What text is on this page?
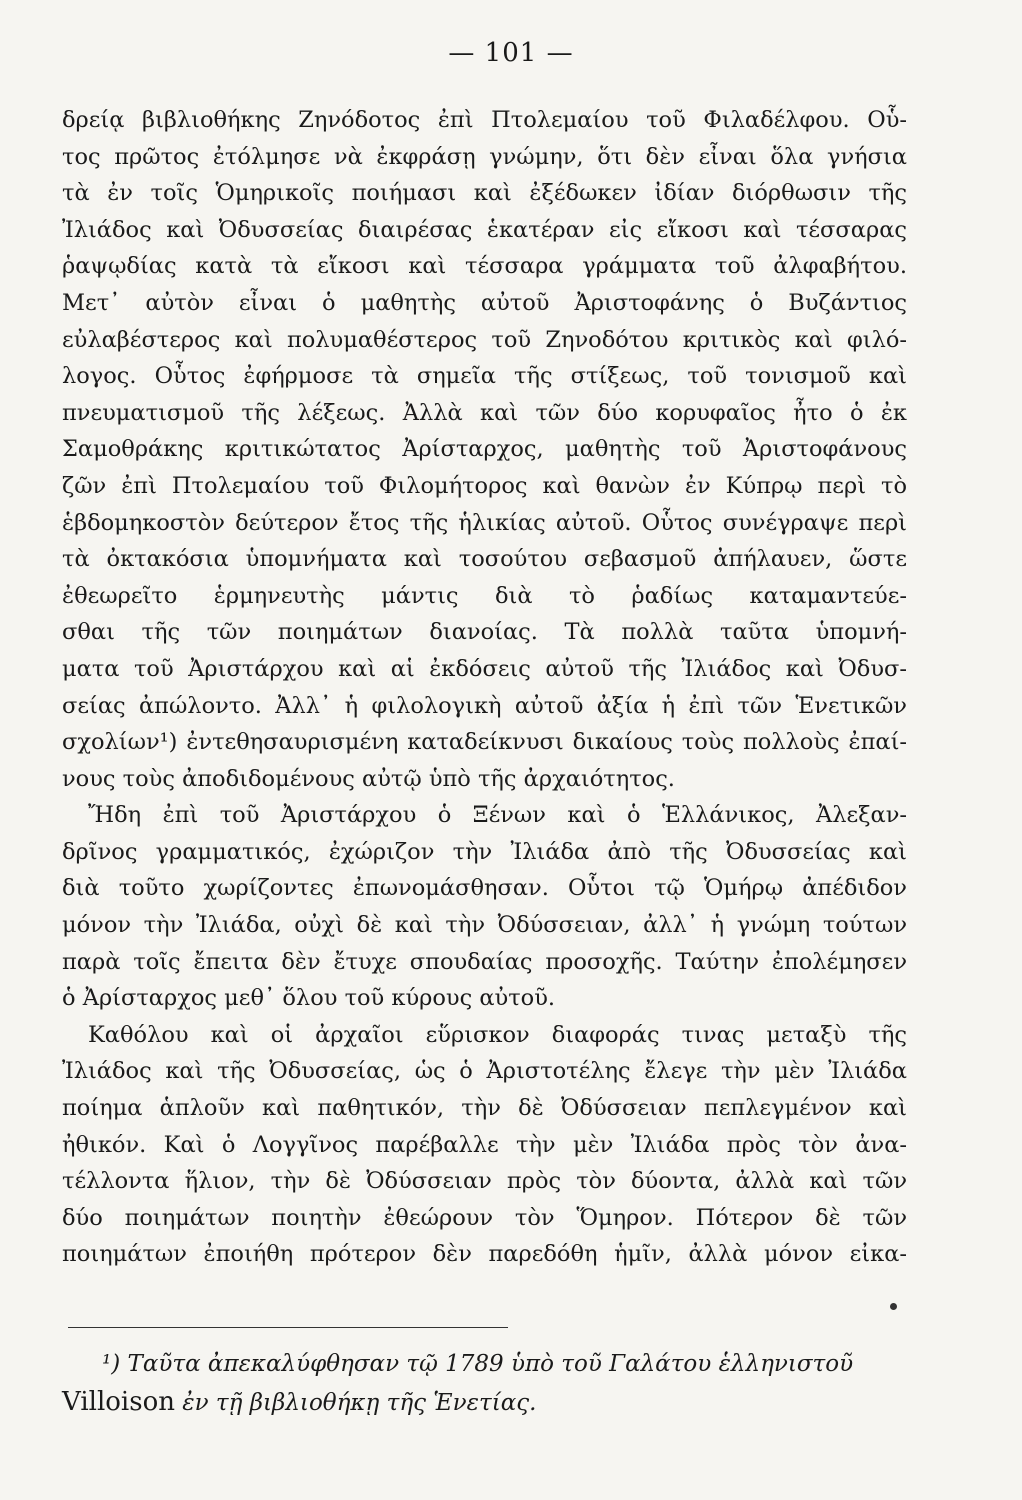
— 101 —

δρείᾳ βιβλιοθήκης Ζηνόδοτος ἐπὶ Πτολεμαίου τοῦ Φιλαδέλφου. Οὗ-
τος πρῶτος ἐτόλμησε νὰ ἐκφράσῃ γνώμην, ὅτι δὲν εἶναι ὅλα γνήσια
τὰ ἐν τοῖς Ὁμηρικοῖς ποιήμασι καὶ ἐξέδωκεν ἰδίαν διόρθωσιν τῆς
Ἰλιάδος καὶ Ὀδυσσείας διαιρέσας ἑκατέραν εἰς εἴκοσι καὶ τέσσαρας
ῥαψῳδίας κατὰ τὰ εἴκοσι καὶ τέσσαρα γράμματα τοῦ ἀλφαβήτου.
Μετ᾽ αὐτὸν εἶναι ὁ μαθητὴς αὐτοῦ Ἀριστοφάνης ὁ Βυζάντιος
εὐλαβέστερος καὶ πολυμαθέστερος τοῦ Ζηνοδότου κριτικὸς καὶ φιλό-
λογος. Οὗτος ἐφήρμοσε τὰ σημεῖα τῆς στίξεως, τοῦ τονισμοῦ καὶ
πνευματισμοῦ τῆς λέξεως. Ἀλλὰ καὶ τῶν δύο κορυφαῖος ἦτο ὁ ἐκ
Σαμοθράκης κριτικώτατος Ἀρίσταρχος, μαθητὴς τοῦ Ἀριστοφάνους
ζῶν ἐπὶ Πτολεμαίου τοῦ Φιλομήτορος καὶ θανὼν ἐν Κύπρῳ περὶ τὸ
ἑβδομηκοστὸν δεύτερον ἔτος τῆς ἡλικίας αὐτοῦ. Οὗτος συνέγραψε περὶ
τὰ ὀκτακόσια ὑπομνήματα καὶ τοσούτου σεβασμοῦ ἀπήλαυεν, ὥστε
ἐθεωρεῖτο ἑρμηνευτὴς μάντις διὰ τὸ ῥαδίως καταμαντεύε-
σθαι τῆς τῶν ποιημάτων διανοίας. Τὰ πολλὰ ταῦτα ὑπομνή-
ματα τοῦ Ἀριστάρχου καὶ αἱ ἐκδόσεις αὐτοῦ τῆς Ἰλιάδος καὶ Ὀδυσ-
σείας ἀπώλοντο. Ἀλλ᾽ ἡ φιλολογικὴ αὐτοῦ ἀξία ἡ ἐπὶ τῶν Ἑνετικῶν
σχολίων¹) ἐντεθησαυρισμένη καταδείκνυσι δικαίους τοὺς πολλοὺς ἐπαί-
νους τοὺς ἀποδιδομένους αὐτῷ ὑπὸ τῆς ἀρχαιότητος.

Ἤδη ἐπὶ τοῦ Ἀριστάρχου ὁ Ξένων καὶ ὁ Ἑλλάνικος, Ἀλεξαν-
δρῖνος γραμματικός, ἐχώριζον τὴν Ἰλιάδα ἀπὸ τῆς Ὀδυσσείας καὶ
διὰ τοῦτο χωρίζοντες ἐπωνομάσθησαν. Οὗτοι τῷ Ὁμήρῳ ἀπέδιδον
μόνον τὴν Ἰλιάδα, οὐχὶ δὲ καὶ τὴν Ὀδύσσειαν, ἀλλ᾽ ἡ γνώμη τούτων
παρὰ τοῖς ἔπειτα δὲν ἔτυχε σπουδαίας προσοχῆς. Ταύτην ἐπολέμησεν
ὁ Ἀρίσταρχος μεθ᾽ ὅλου τοῦ κύρους αὐτοῦ.

Καθόλου καὶ οἱ ἀρχαῖοι εὕρισκον διαφοράς τινας μεταξὺ τῆς
Ἰλιάδος καὶ τῆς Ὀδυσσείας, ὡς ὁ Ἀριστοτέλης ἔλεγε τὴν μὲν Ἰλιάδα
ποίημα ἁπλοῦν καὶ παθητικόν, τὴν δὲ Ὀδύσσειαν πεπλεγμένον καὶ
ἠθικόν. Καὶ ὁ Λογγῖνος παρέβαλλε τὴν μὲν Ἰλιάδα πρὸς τὸν ἀνα-
τέλλοντα ἥλιον, τὴν δὲ Ὀδύσσειαν πρὸς τὸν δύοντα, ἀλλὰ καὶ τῶν
δύο ποιημάτων ποιητὴν ἐθεώρουν τὸν Ὅμηρον. Πότερον δὲ τῶν
ποιημάτων ἐποιήθη πρότερον δὲν παρεδόθη ἡμῖν, ἀλλὰ μόνον εἰκα-

¹) Ταῦτα ἀπεκαλύφθησαν τῷ 1789 ὑπὸ τοῦ Γαλάτου ἑλληνιστοῦ
Villoison ἐν τῇ βιβλιοθήκῃ τῆς Ἑνετίας.
